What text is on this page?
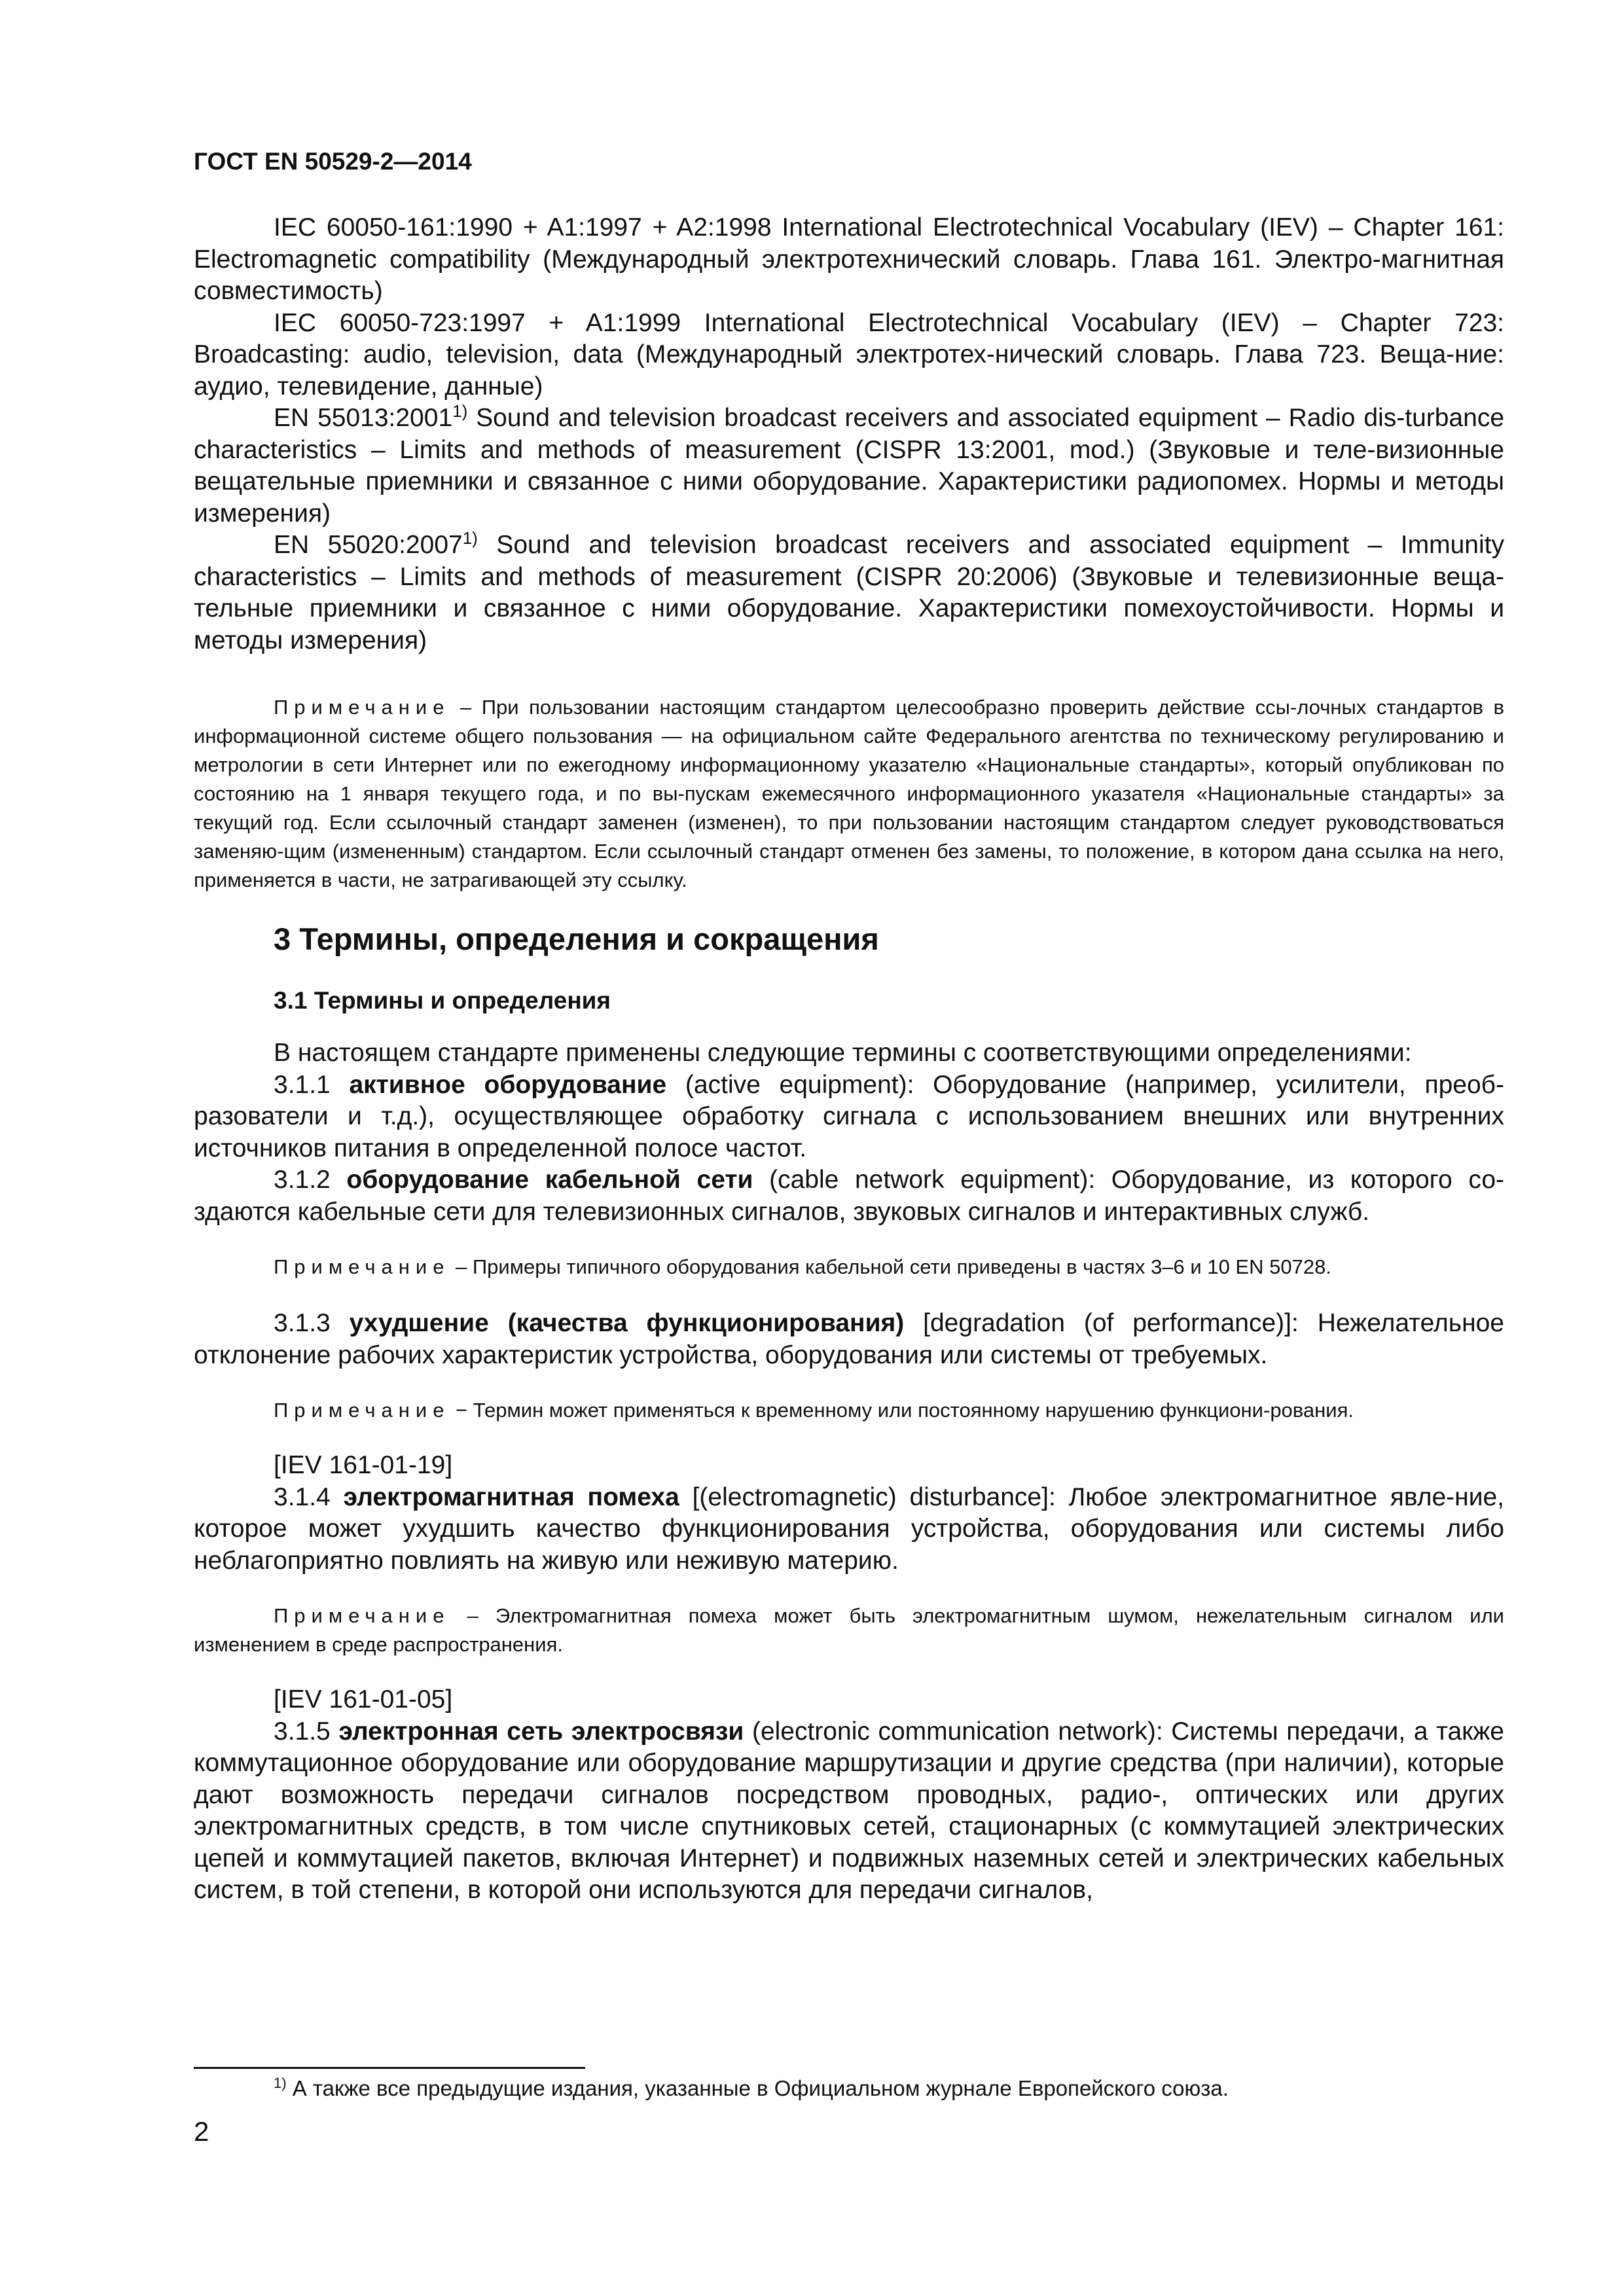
ГОСТ EN 50529-2—2014

IEC 60050-161:1990 + A1:1997 + A2:1998 International Electrotechnical Vocabulary (IEV) – Chapter 161: Electromagnetic compatibility (Международный электротехнический словарь. Глава 161. Электро-магнитная совместимость)

IEC 60050-723:1997 + A1:1999 International Electrotechnical Vocabulary (IEV) – Chapter 723: Broadcasting: audio, television, data (Международный электротех-нический словарь. Глава 723. Веща-ние: аудио, телевидение, данные)

EN 55013:2001$^{1)}$ Sound and television broadcast receivers and associated equipment – Radio dis-turbance characteristics – Limits and methods of measurement (CISPR 13:2001, mod.) (Звуковые и теле-визионные вещательные приемники и связанное с ними оборудование. Характеристики радиопомех. Нормы и методы измерения)

EN 55020:2007$^{1)}$ Sound and television broadcast receivers and associated equipment – Immunity characteristics – Limits and methods of measurement (CISPR 20:2006) (Звуковые и телевизионные веща-тельные приемники и связанное с ними оборудование. Характеристики помехоустойчивости. Нормы и методы измерения)

Примечание – При пользовании настоящим стандартом целесообразно проверить действие ссы-лочных стандартов в информационной системе общего пользования — на официальном сайте Федерального агентства по техническому регулированию и метрологии в сети Интернет или по ежегодному информационному указателю «Национальные стандарты», который опубликован по состоянию на 1 января текущего года, и по вы-пускам ежемесячного информационного указателя «Национальные стандарты» за текущий год. Если ссылочный стандарт заменен (изменен), то при пользовании настоящим стандартом следует руководствоваться заменяю-щим (измененным) стандартом. Если ссылочный стандарт отменен без замены, то положение, в котором дана ссылка на него, применяется в части, не затрагивающей эту ссылку.

3 Термины, определения и сокращения
3.1 Термины и определения

В настоящем стандарте применены следующие термины с соответствующими определениями:

3.1.1 активное оборудование (active equipment): Оборудование (например, усилители, преоб-разователи и т.д.), осуществляющее обработку сигнала с использованием внешних или внутренних источников питания в определенной полосе частот.

3.1.2 оборудование кабельной сети (cable network equipment): Оборудование, из которого со-здаются кабельные сети для телевизионных сигналов, звуковых сигналов и интерактивных служб.

Примечание – Примеры типичного оборудования кабельной сети приведены в частях 3–6 и 10 EN 50728.

3.1.3 ухудшение (качества функционирования) [degradation (of performance)]: Нежелательное отклонение рабочих характеристик устройства, оборудования или системы от требуемых.

Примечание − Термин может применяться к временному или постоянному нарушению функциони-рования.

[IEV 161-01-19]

3.1.4 электромагнитная помеха [(electromagnetic) disturbance]: Любое электромагнитное явле-ние, которое может ухудшить качество функционирования устройства, оборудования или системы либо неблагоприятно повлиять на живую или неживую материю.

Примечание – Электромагнитная помеха может быть электромагнитным шумом, нежелательным сигналом или изменением в среде распространения.

[IEV 161-01-05]

3.1.5 электронная сеть электросвязи (electronic communication network): Системы передачи, а также коммутационное оборудование или оборудование маршрутизации и другие средства (при наличии), которые дают возможность передачи сигналов посредством проводных, радио-, оптических или других электромагнитных средств, в том числе спутниковых сетей, стационарных (с коммутацией электрических цепей и коммутацией пакетов, включая Интернет) и подвижных наземных сетей и электрических кабельных систем, в той степени, в которой они используются для передачи сигналов,

$^{1)}$ А также все предыдущие издания, указанные в Официальном журнале Европейского союза.
2
